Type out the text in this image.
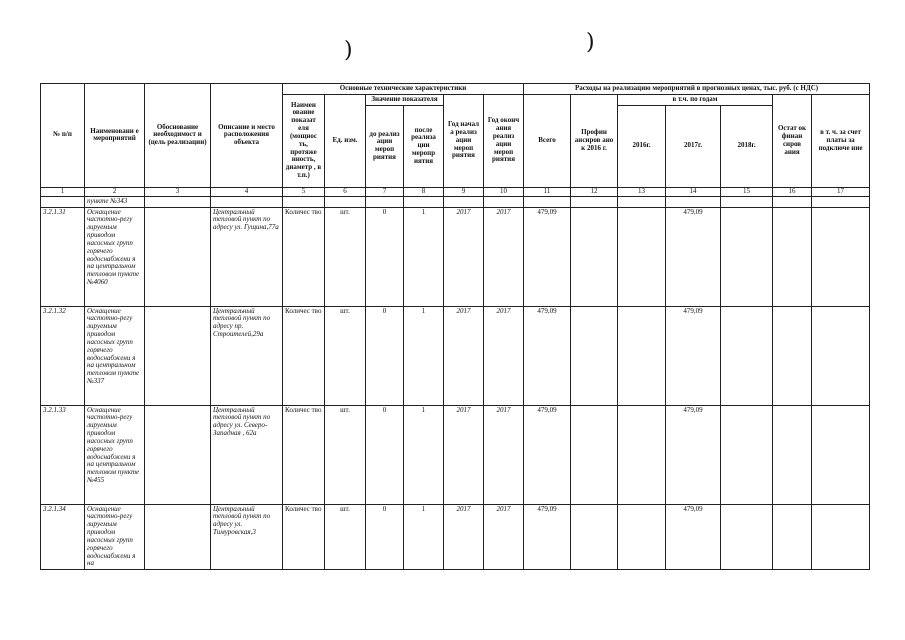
)	)
№ п/п	Наименовани е мероприятий	Обоснование необходимост и (цель реализации)	Описание и место расположения объекта	Основные технические характеристики						Расходы на реализацию мероприятий в прогнозных ценах, тыс. руб. (с НДС)						
				Наимен ование показат еля (мощнос ть, протяже нность, диаметр , в т.п.)	Ед. изм.	Значение показателя		Год начал а реализ ации мероп риятия	Год оконч ания реализ ации мероп риятия	Всего	Профин ансиров ано к 2016 г.	в т.ч. по годам			Остат ок финан сиров ания	в т. ч. за счет платы за подключе ние
						до реализ ации мероп риятия	после реализа ции меропр иятия					2016г.	2017г.	2018г.		

1	2	3	4	5	6	7	8	9	10	11	12	13	14	15	16	17
	пункте №343															
3.2.1.31	Оснащение частотно-регу лируемым приводом насосных групп горячего водоснабжени я на центральном тепловом пункте №4060		Центральный тепловой пункт по адресу ул. Гущина,77а	Количес тво	шт.	0	1	2017	2017	479,09			479,09			
3.2.1.32	Оснащение частотно-регу лируемым приводом насосных групп горячего водоснабжени я на центральном тепловом пункте №337		Центральный тепловой пункт по адресу пр. Строителей,29а	Количес тво	шт.	0	1	2017	2017	479,09			479,09			
3.2.1.33	Оснащение частотно-регу лируемым приводом насосных групп горячего водоснабжени я на центральном тепловом пункте №455		Центральный тепловой пункт по адресу ул. Северо-Западная , 62а	Количес тво	шт.	0	1	2017	2017	479,09			479,09			
3.2.1.34	Оснащение частотно-регу лируемым приводом насосных групп горячего водоснабжени я на		Центральный тепловой пункт по адресу ул. Тимуровская,3	Количес тво	шт.	0	1	2017	2017	479,09			479,09			
